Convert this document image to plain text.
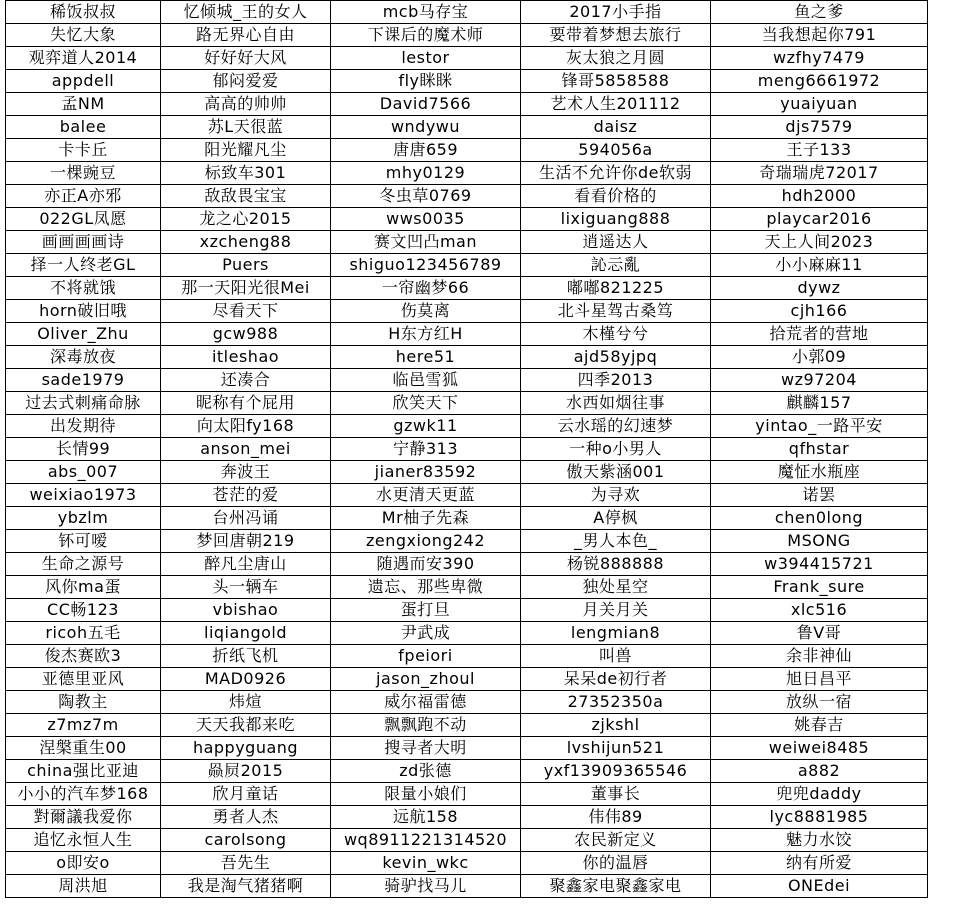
稀饭叔叔	忆倾城_王的女人	mcb马存宝	2017小手指	鱼之爹
失忆大象	路无界心自由	下课后的魔术师	要带着梦想去旅行	当我想起你791
观弈道人2014	好好好大风	lestor	灰太狼之月圆	wzfhy7479
appdell	郁闷爱爱	fly眯眯	锋哥5858588	meng6661972
孟NM	高高的帅帅	David7566	艺术人生201112	yuaiyuan
balee	苏L天很蓝	wndywu	daisz	djs7579
卡卡丘	阳光耀凡尘	唐唐659	594056a	王子133
一棵豌豆	标致车301	mhy0129	生活不允许你de软弱	奇瑞瑞虎72017
亦正A亦邪	敌敌畏宝宝	冬虫草0769	看看价格的	hdh2000
022GL凤愿	龙之心2015	wws0035	lixiguang888	playcar2016
画画画画诗	xzcheng88	赛文凹凸man	逍遥达人	天上人间2023
择一人终老GL	Puers	shiguo123456789	訫忈亂	小小麻麻11
不将就饿	那一天阳光很Mei	一帘幽梦66	嘟嘟821225	dywz
horn破旧哦	尽看天下	伤莫离	北斗星驾古桑笃	cjh166
Oliver_Zhu	gcw988	H东方红H	木槿兮兮	拾荒者的营地
深毒放夜	itleshao	here51	ajd58yjpq	小郭09
sade1979	还凑合	临邑雪狐	四季2013	wz97204
过去式刺痛命脉	昵称有个屁用	欣笑天下	水西如烟往事	麒麟157
出发期待	向太阳fy168	gzwk11	云水瑶的幻速梦	yintao_一路平安
长情99	anson_mei	宁静313	一种o小男人	qfhstar
abs_007	奔波王	jianer83592	傲天紫涵001	魔怔水瓶座
weixiao1973	苍茫的爱	水更清天更蓝	为寻欢	诺罢
ybzlm	台州冯诵	Mr柚子先森	A停枫	chen0long
钚可嗳	梦回唐朝219	zengxiong242	_男人本色_	MSONG
生命之源号	醉凡尘唐山	随遇而安390	杨锐888888	w394415721
风你ma蛋	头一辆车	遗忘、那些卑微	独处星空	Frank_sure
CC畅123	vbishao	蛋打旦	月关月关	xlc516
ricoh五毛	liqiangold	尹武成	lengmian8	鲁V哥
俊杰赛欧3	折纸飞机	fpeiori	叫兽	余非神仙
亚德里亚风	MAD0926	jason_zhoul	呆呆de初行者	旭日昌平
陶教主	炜煊	威尔福雷德	27352350a	放纵一宿
z7mz7m	天天我都来吃	飘飘跑不动	zjkshl	姚春吉
涅槃重生00	happyguang	搜寻者大明	lvshijun521	weiwei8485
china强比亚迪	赑屃2015	zd张德	yxf13909365546	a882
小小的汽车梦168	欣月童话	限量小娘们	董事长	兜兜daddy
對爾議我爱你	勇者人杰	远航158	伟伟89	lyc8881985
追忆永恒人生	carolsong	wq8911221314520	农民新定义	魅力水饺
o即安o	吾先生	kevin_wkc	你的温唇	纳有所爱
周洪旭	我是淘气猪猪啊	骑驴找马儿	聚鑫家电聚鑫家电	ONEdei
